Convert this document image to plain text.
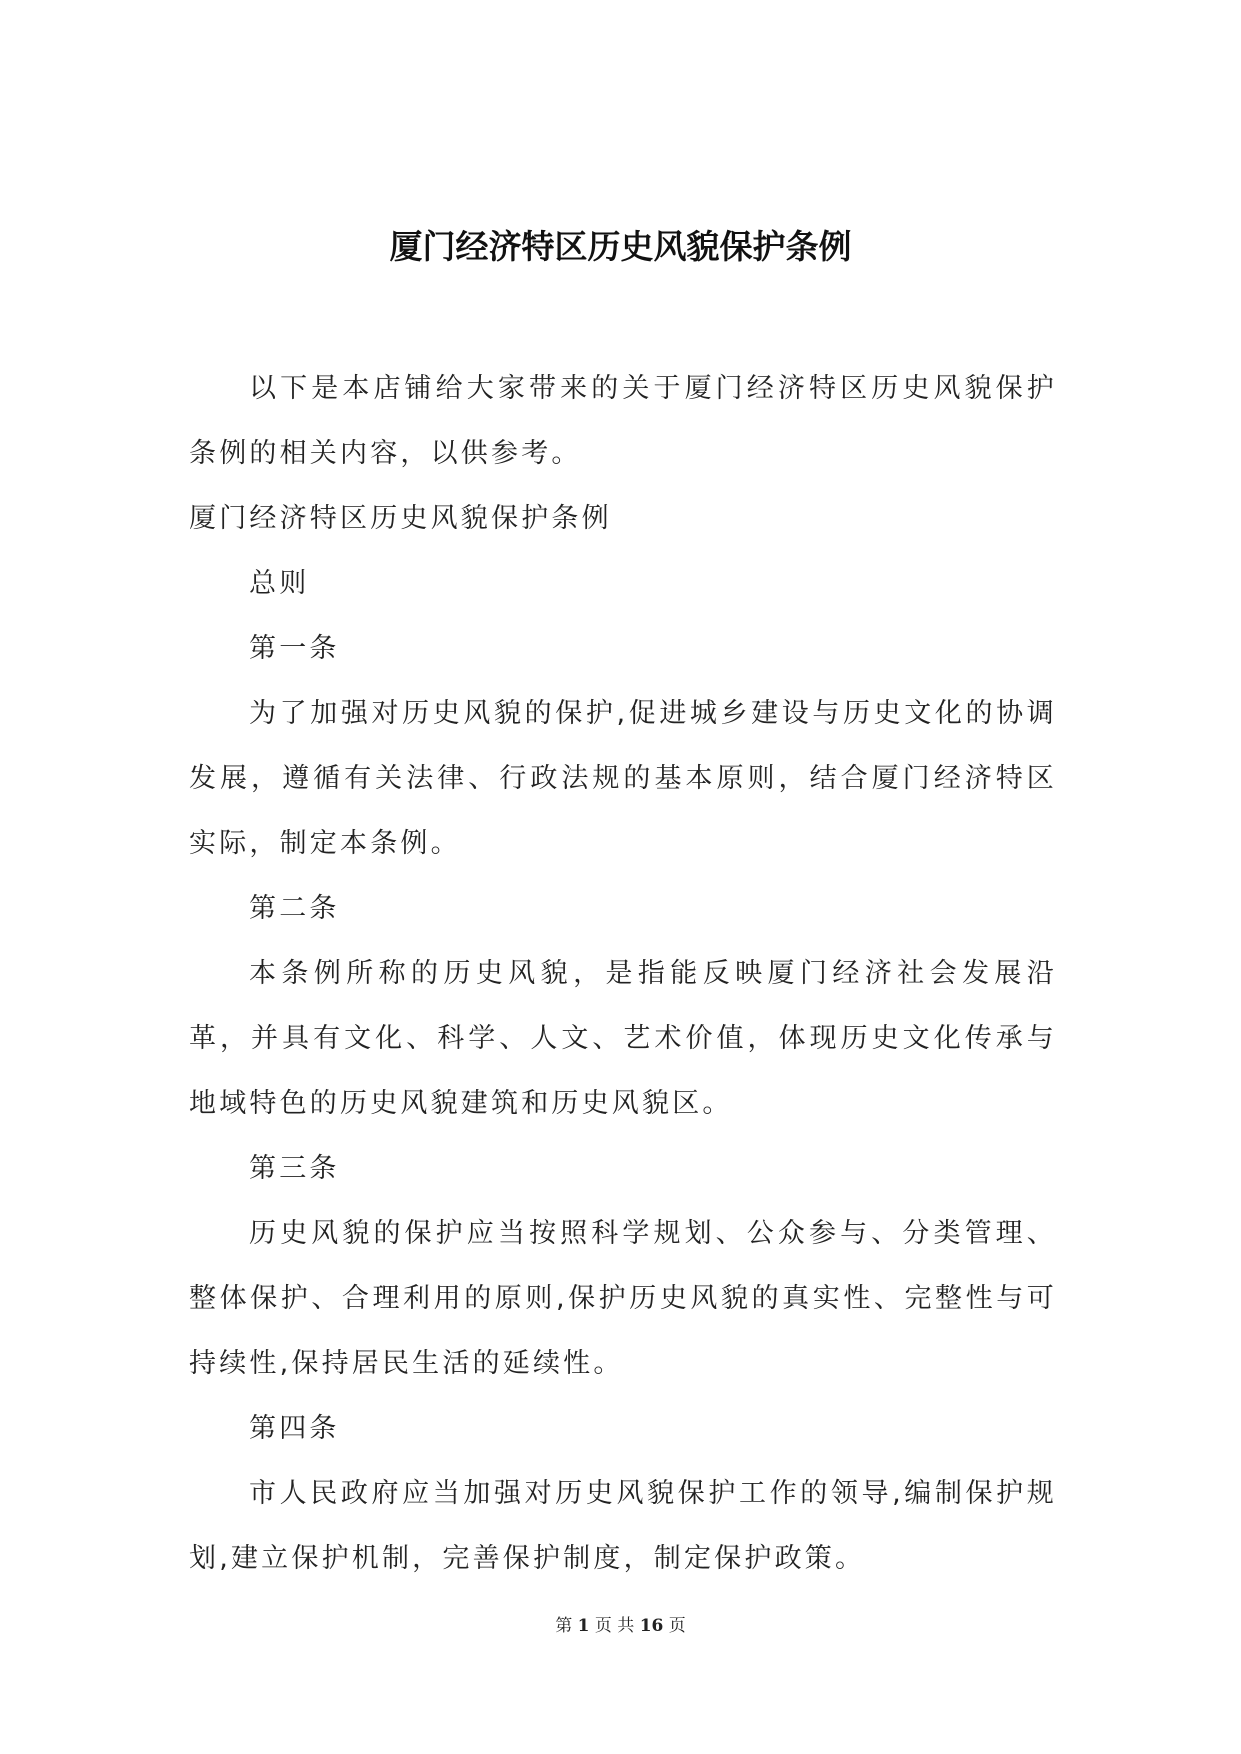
厦门经济特区历史风貌保护条例

以下是本店铺给大家带来的关于厦门经济特区历史风貌保护条例的相关内容，以供参考。

厦门经济特区历史风貌保护条例

总则

第一条

为了加强对历史风貌的保护,促进城乡建设与历史文化的协调发展，遵循有关法律、行政法规的基本原则，结合厦门经济特区实际，制定本条例。

第二条

本条例所称的历史风貌，是指能反映厦门经济社会发展沿革，并具有文化、科学、人文、艺术价值，体现历史文化传承与地域特色的历史风貌建筑和历史风貌区。

第三条

历史风貌的保护应当按照科学规划、公众参与、分类管理、整体保护、合理利用的原则,保护历史风貌的真实性、完整性与可持续性,保持居民生活的延续性。

第四条

市人民政府应当加强对历史风貌保护工作的领导,编制保护规划,建立保护机制，完善保护制度，制定保护政策。

第 1 页 共 16 页
